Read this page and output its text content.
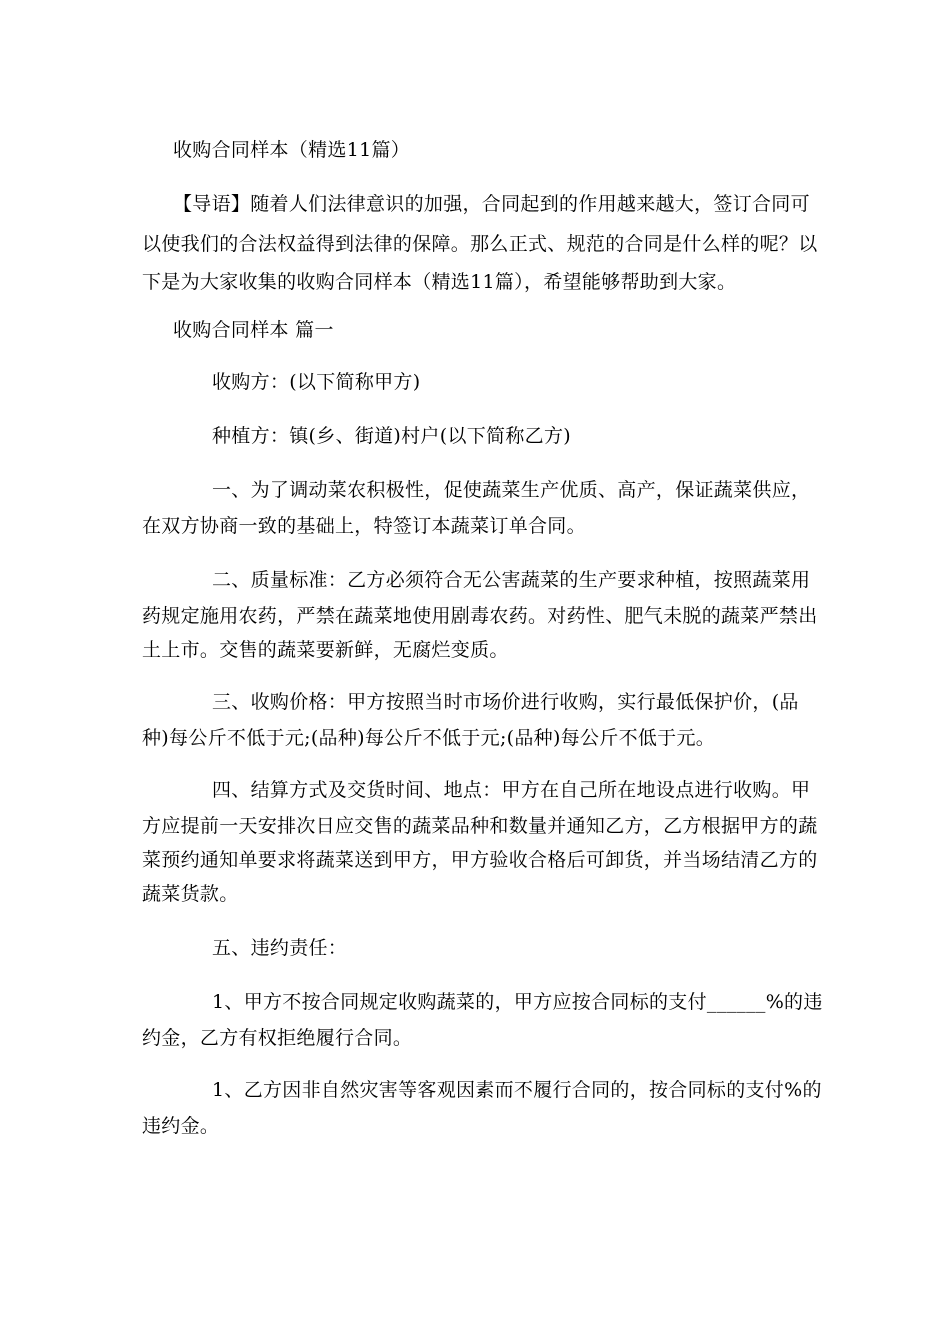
收购合同样本（精选11篇）

【导语】随着人们法律意识的加强，合同起到的作用越来越大，签订合同可

以使我们的合法权益得到法律的保障。那么正式、规范的合同是什么样的呢？以

下是为大家收集的收购合同样本（精选11篇），希望能够帮助到大家。

收购合同样本 篇一

收购方：(以下简称甲方)

种植方：镇(乡、街道)村户(以下简称乙方)

一、为了调动菜农积极性，促使蔬菜生产优质、高产，保证蔬菜供应，

在双方协商一致的基础上，特签订本蔬菜订单合同。

二、质量标准：乙方必须符合无公害蔬菜的生产要求种植，按照蔬菜用

药规定施用农药，严禁在蔬菜地使用剧毒农药。对药性、肥气未脱的蔬菜严禁出

土上市。交售的蔬菜要新鲜，无腐烂变质。

三、收购价格：甲方按照当时市场价进行收购，实行最低保护价，(品

种)每公斤不低于元;(品种)每公斤不低于元;(品种)每公斤不低于元。

四、结算方式及交货时间、地点：甲方在自己所在地设点进行收购。甲

方应提前一天安排次日应交售的蔬菜品种和数量并通知乙方，乙方根据甲方的蔬

菜预约通知单要求将蔬菜送到甲方，甲方验收合格后可卸货，并当场结清乙方的

蔬菜货款。

五、违约责任：

1、甲方不按合同规定收购蔬菜的，甲方应按合同标的支付______%的违

约金，乙方有权拒绝履行合同。

1、乙方因非自然灾害等客观因素而不履行合同的，按合同标的支付%的

违约金。
